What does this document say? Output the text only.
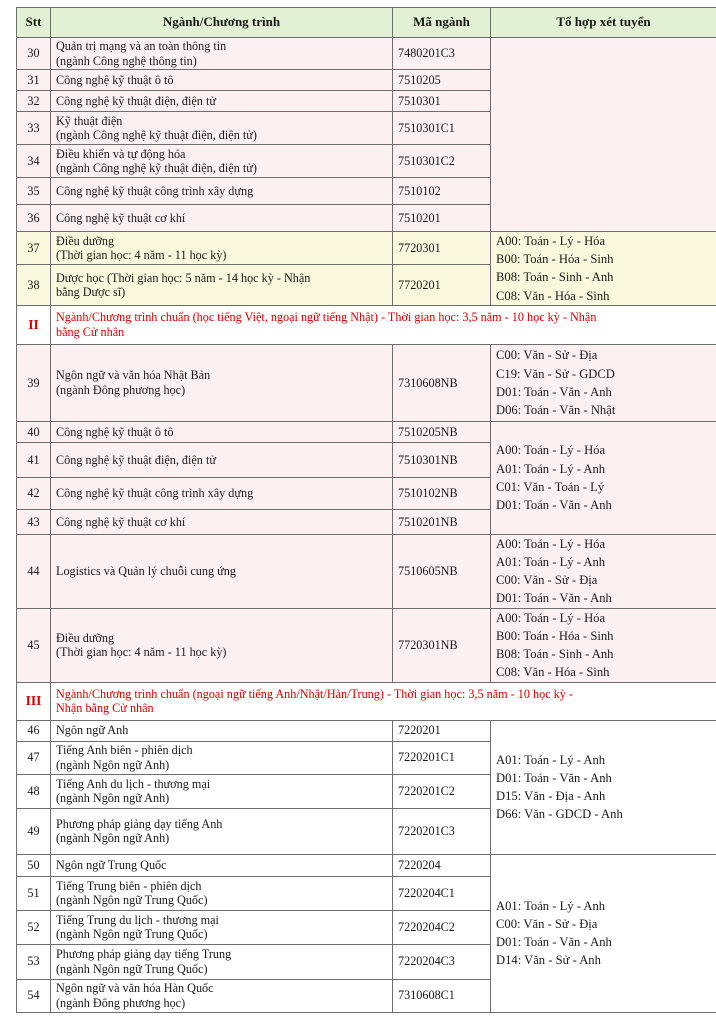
Stt	Ngành/Chương trình	Mã ngành	Tổ hợp xét tuyển
30	Quản trị mạng và an toàn thông tin
(ngành Công nghệ thông tin)	7480201C3	
31	Công nghệ kỹ thuật ô tô	7510205	
32	Công nghệ kỹ thuật điện, điện tử	7510301	
33	Kỹ thuật điện
(ngành Công nghệ kỹ thuật điện, điện tử)	7510301C1	
34	Điều khiển và tự động hóa
(ngành Công nghệ kỹ thuật điện, điện tử)	7510301C2	
35	Công nghệ kỹ thuật công trình xây dựng	7510102	
36	Công nghệ kỹ thuật cơ khí	7510201	
37	Điều dưỡng
(Thời gian học: 4 năm - 11 học kỳ)	7720301	A00: Toán - Lý - Hóa
B00: Toán - Hóa - Sinh
B08: Toán - Sinh - Anh
C08: Văn - Hóa - Sinh

38	Dược học (Thời gian học: 5 năm - 14 học kỳ - Nhận
bằng Dược sĩ)	7720201	
II	Ngành/Chương trình chuẩn (học tiếng Việt, ngoại ngữ tiếng Nhật) - Thời gian học: 3,5 năm - 10 học kỳ - Nhận
bằng Cử nhân		

39	Ngôn ngữ và văn hóa Nhật Bản
(ngành Đông phương học)	7310608NB	C00: Văn - Sử - Địa
C19: Văn - Sử - GDCD
D01: Toán - Văn - Anh
D06: Toán - Văn - Nhật

40	Công nghệ kỹ thuật ô tô	7510205NB	A00: Toán - Lý - Hóa
A01: Toán - Lý - Anh
C01: Văn - Toán - Lý
D01: Toán - Văn - Anh

41	Công nghệ kỹ thuật điện, điện tử	7510301NB	
42	Công nghệ kỹ thuật công trình xây dựng	7510102NB	
43	Công nghệ kỹ thuật cơ khí	7510201NB	
44	Logistics và Quản lý chuỗi cung ứng	7510605NB	A00: Toán - Lý - Hóa
A01: Toán - Lý - Anh
C00: Văn - Sử - Địa
D01: Toán - Văn - Anh

45	Điều dưỡng
(Thời gian học: 4 năm - 11 học kỳ)	7720301NB	A00: Toán - Lý - Hóa
B00: Toán - Hóa - Sinh
B08: Toán - Sinh - Anh
C08: Văn - Hóa - Sinh

III	Ngành/Chương trình chuẩn (ngoại ngữ tiếng Anh/Nhật/Hàn/Trung) - Thời gian học: 3,5 năm - 10 học kỳ -
Nhận bằng Cử nhân		

46	Ngôn ngữ Anh	7220201	A01: Toán - Lý - Anh
D01: Toán - Văn - Anh
D15: Văn - Địa - Anh
D66: Văn - GDCD - Anh

47	Tiếng Anh biên - phiên dịch
(ngành Ngôn ngữ Anh)	7220201C1	
48	Tiếng Anh du lịch - thương mại
(ngành Ngôn ngữ Anh)	7220201C2	
49	Phương pháp giảng dạy tiếng Anh
(ngành Ngôn ngữ Anh)	7220201C3	
50	Ngôn ngữ Trung Quốc	7220204	A01: Toán - Lý - Anh
C00: Văn - Sử - Địa
D01: Toán - Văn - Anh
D14: Văn - Sử - Anh

51	Tiếng Trung biên - phiên dịch
(ngành Ngôn ngữ Trung Quốc)	7220204C1	
52	Tiếng Trung du lịch - thương mại
(ngành Ngôn ngữ Trung Quốc)	7220204C2	
53	Phương pháp giảng dạy tiếng Trung
(ngành Ngôn ngữ Trung Quốc)	7220204C3	
54	Ngôn ngữ và văn hóa Hàn Quốc
(ngành Đông phương học)	7310608C1	
